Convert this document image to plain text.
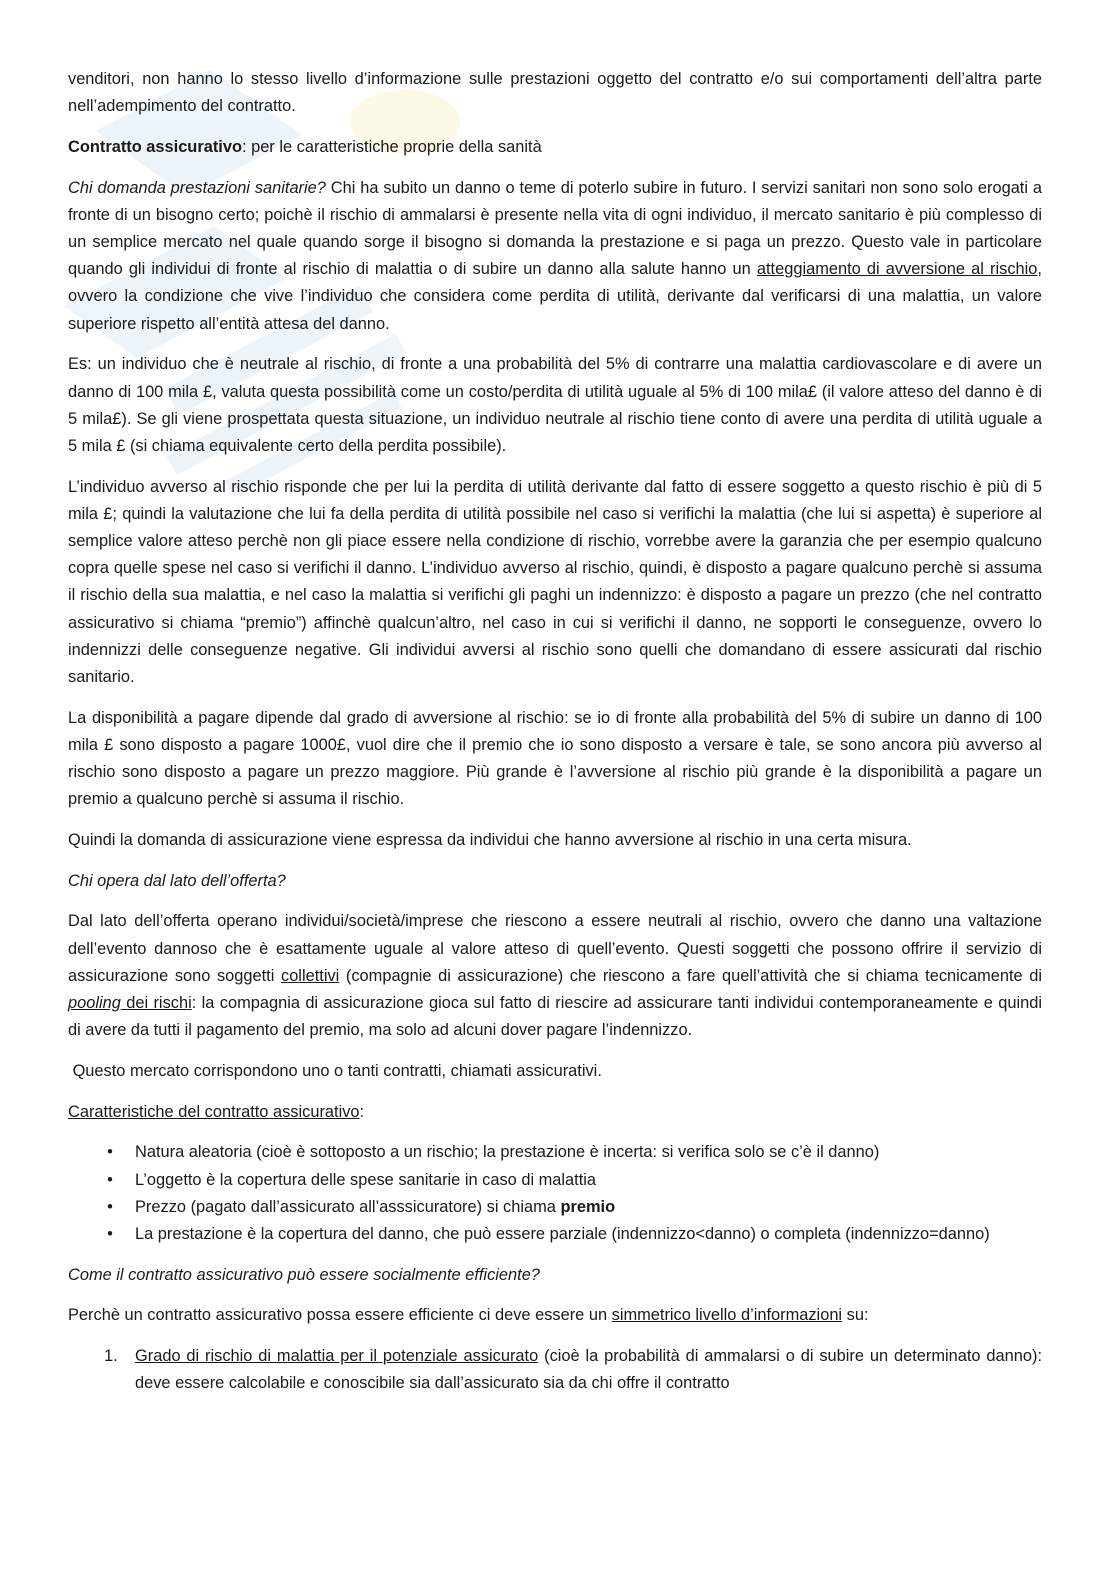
venditori, non hanno lo stesso livello d’informazione sulle prestazioni oggetto del contratto e/o sui comportamenti dell’altra parte nell’adempimento del contratto.

Contratto assicurativo: per le caratteristiche proprie della sanità

Chi domanda prestazioni sanitarie? Chi ha subito un danno o teme di poterlo subire in futuro. I servizi sanitari non sono solo erogati a fronte di un bisogno certo; poichè il rischio di ammalarsi è presente nella vita di ogni individuo, il mercato sanitario è più complesso di un semplice mercato nel quale quando sorge il bisogno si domanda la prestazione e si paga un prezzo. Questo vale in particolare quando gli individui di fronte al rischio di malattia o di subire un danno alla salute hanno un atteggiamento di avversione al rischio, ovvero la condizione che vive l’individuo che considera come perdita di utilità, derivante dal verificarsi di una malattia, un valore superiore rispetto all’entità attesa del danno.

Es: un individuo che è neutrale al rischio, di fronte a una probabilità del 5% di contrarre una malattia cardiovascolare e di avere un danno di 100 mila £, valuta questa possibilità come un costo/perdita di utilità uguale al 5% di 100 mila£ (il valore atteso del danno è di 5 mila£). Se gli viene prospettata questa situazione, un individuo neutrale al rischio tiene conto di avere una perdita di utilità uguale a 5 mila £ (si chiama equivalente certo della perdita possibile).

L’individuo avverso al rischio risponde che per lui la perdita di utilità derivante dal fatto di essere soggetto a questo rischio è più di 5 mila £; quindi la valutazione che lui fa della perdita di utilità possibile nel caso si verifichi la malattia (che lui si aspetta) è superiore al semplice valore atteso perchè non gli piace essere nella condizione di rischio, vorrebbe avere la garanzia che per esempio qualcuno copra quelle spese nel caso si verifichi il danno. L’individuo avverso al rischio, quindi, è disposto a pagare qualcuno perchè si assuma il rischio della sua malattia, e nel caso la malattia si verifichi gli paghi un indennizzo: è disposto a pagare un prezzo (che nel contratto assicurativo si chiama “premio”) affinchè qualcun’altro, nel caso in cui si verifichi il danno, ne sopporti le conseguenze, ovvero lo indennizzi delle conseguenze negative. Gli individui avversi al rischio sono quelli che domandano di essere assicurati dal rischio sanitario.

La disponibilità a pagare dipende dal grado di avversione al rischio: se io di fronte alla probabilità del 5% di subire un danno di 100 mila £ sono disposto a pagare 1000£, vuol dire che il premio che io sono disposto a versare è tale, se sono ancora più avverso al rischio sono disposto a pagare un prezzo maggiore. Più grande è l’avversione al rischio più grande è la disponibilità a pagare un premio a qualcuno perchè si assuma il rischio.

Quindi la domanda di assicurazione viene espressa da individui che hanno avversione al rischio in una certa misura.

Chi opera dal lato dell’offerta?

Dal lato dell’offerta operano individui/società/imprese che riescono a essere neutrali al rischio, ovvero che danno una valtazione dell’evento dannoso che è esattamente uguale al valore atteso di quell’evento. Questi soggetti che possono offrire il servizio di assicurazione sono soggetti collettivi (compagnie di assicurazione) che riescono a fare quell’attività che si chiama tecnicamente di pooling dei rischi: la compagnia di assicurazione gioca sul fatto di riescire ad assicurare tanti individui contemporaneamente e quindi di avere da tutti il pagamento del premio, ma solo ad alcuni dover pagare l’indennizzo.

Questo mercato corrispondono uno o tanti contratti, chiamati assicurativi.

Caratteristiche del contratto assicurativo:

• Natura aleatoria (cioè è sottoposto a un rischio; la prestazione è incerta: si verifica solo se c’è il danno)
• L’oggetto è la copertura delle spese sanitarie in caso di malattia
• Prezzo (pagato dall’assicurato all’asssicuratore) si chiama premio
• La prestazione è la copertura del danno, che può essere parziale (indennizzo<danno) o completa (indennizzo=danno)

Come il contratto assicurativo può essere socialmente efficiente?

Perchè un contratto assicurativo possa essere efficiente ci deve essere un simmetrico livello d’informazioni su:

1. Grado di rischio di malattia per il potenziale assicurato (cioè la probabilità di ammalarsi o di subire un determinato danno): deve essere calcolabile e conoscibile sia dall’assicurato sia da chi offre il contratto
